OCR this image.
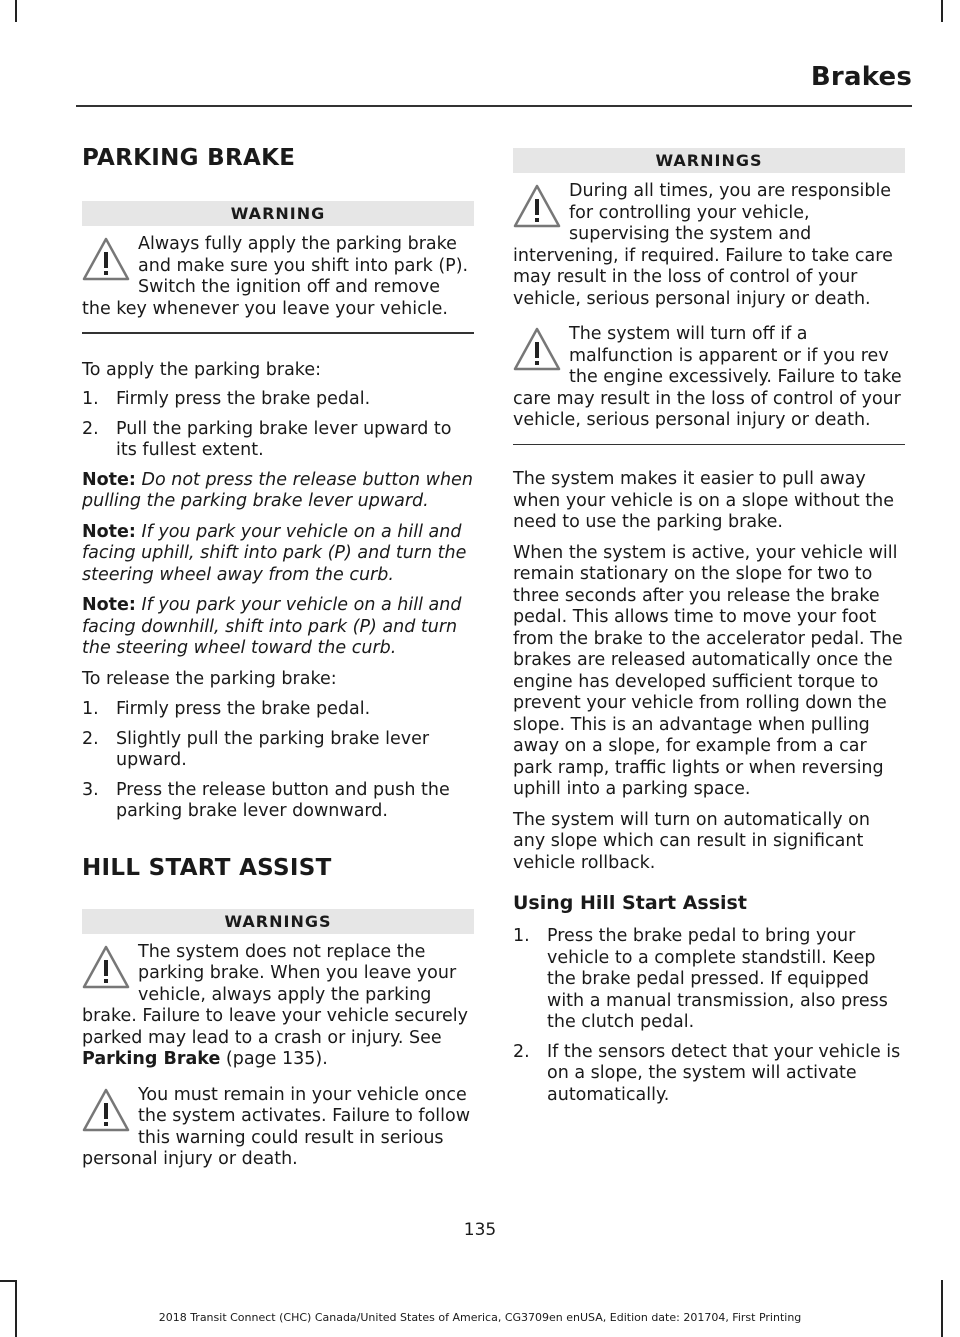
Brakes
PARKING BRAKE
WARNING
Always fully apply the parking brake and make sure you shift into park (P). Switch the ignition off and remove the key whenever you leave your vehicle.

To apply the parking brake:

1. Firmly press the brake pedal.
2. Pull the parking brake lever upward to its fullest extent.

Note: Do not press the release button when pulling the parking brake lever upward.

Note: If you park your vehicle on a hill and facing uphill, shift into park (P) and turn the steering wheel away from the curb.

Note: If you park your vehicle on a hill and facing downhill, shift into park (P) and turn the steering wheel toward the curb.

To release the parking brake:

1. Firmly press the brake pedal.
2. Slightly pull the parking brake lever upward.
3. Press the release button and push the parking brake lever downward.
HILL START ASSIST
WARNINGS
The system does not replace the parking brake. When you leave your vehicle, always apply the parking brake. Failure to leave your vehicle securely parked may lead to a crash or injury. See Parking Brake (page 135).
You must remain in your vehicle once the system activates. Failure to follow this warning could result in serious personal injury or death.
WARNINGS
During all times, you are responsible for controlling your vehicle, supervising the system and intervening, if required. Failure to take care may result in the loss of control of your vehicle, serious personal injury or death.
The system will turn off if a malfunction is apparent or if you rev the engine excessively. Failure to take care may result in the loss of control of your vehicle, serious personal injury or death.

The system makes it easier to pull away when your vehicle is on a slope without the need to use the parking brake.

When the system is active, your vehicle will remain stationary on the slope for two to three seconds after you release the brake pedal. This allows time to move your foot from the brake to the accelerator pedal. The brakes are released automatically once the engine has developed sufficient torque to prevent your vehicle from rolling down the slope. This is an advantage when pulling away on a slope, for example from a car park ramp, traffic lights or when reversing uphill into a parking space.

The system will turn on automatically on any slope which can result in significant vehicle rollback.

Using Hill Start Assist
1. Press the brake pedal to bring your vehicle to a complete standstill. Keep the brake pedal pressed. If equipped with a manual transmission, also press the clutch pedal.
2. If the sensors detect that your vehicle is on a slope, the system will activate automatically.
135
2018 Transit Connect (CHC) Canada/United States of America, CG3709en enUSA, Edition date: 201704, First Printing
